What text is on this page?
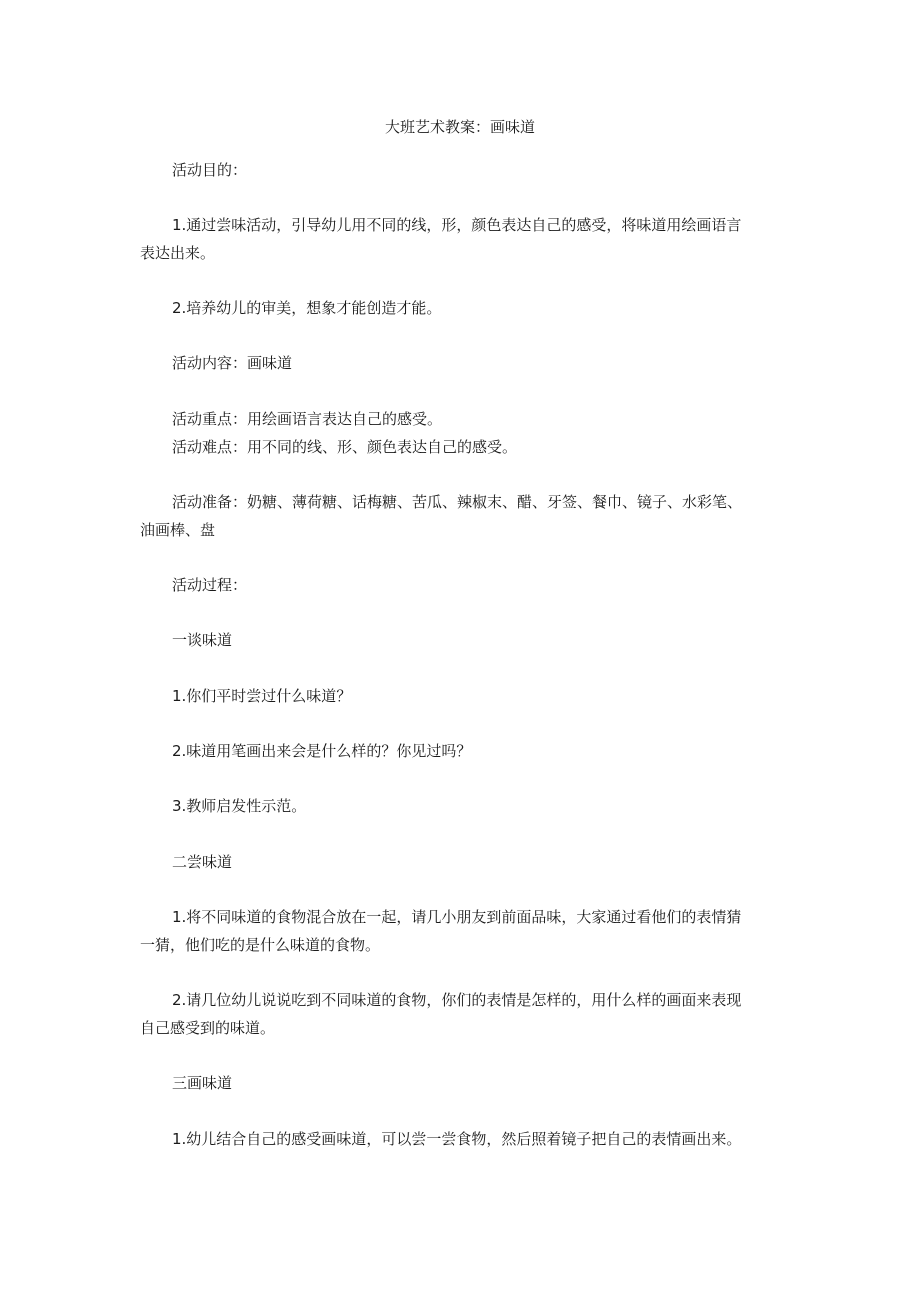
大班艺术教案：画味道
活动目的：
1.通过尝味活动，引导幼儿用不同的线，形，颜色表达自己的感受，将味道用绘画语言
表达出来。
2.培养幼儿的审美，想象才能创造才能。
活动内容：画味道
活动重点：用绘画语言表达自己的感受。
活动难点：用不同的线、形、颜色表达自己的感受。
活动准备：奶糖、薄荷糖、话梅糖、苦瓜、辣椒末、醋、牙签、餐巾、镜子、水彩笔、
油画棒、盘
活动过程：
一谈味道
1.你们平时尝过什么味道？
2.味道用笔画出来会是什么样的？你见过吗？
3.教师启发性示范。
二尝味道
1.将不同味道的食物混合放在一起，请几小朋友到前面品味，大家通过看他们的表情猜
一猜，他们吃的是什么味道的食物。
2.请几位幼儿说说吃到不同味道的食物，你们的表情是怎样的，用什么样的画面来表现
自己感受到的味道。
三画味道
1.幼儿结合自己的感受画味道，可以尝一尝食物，然后照着镜子把自己的表情画出来。
